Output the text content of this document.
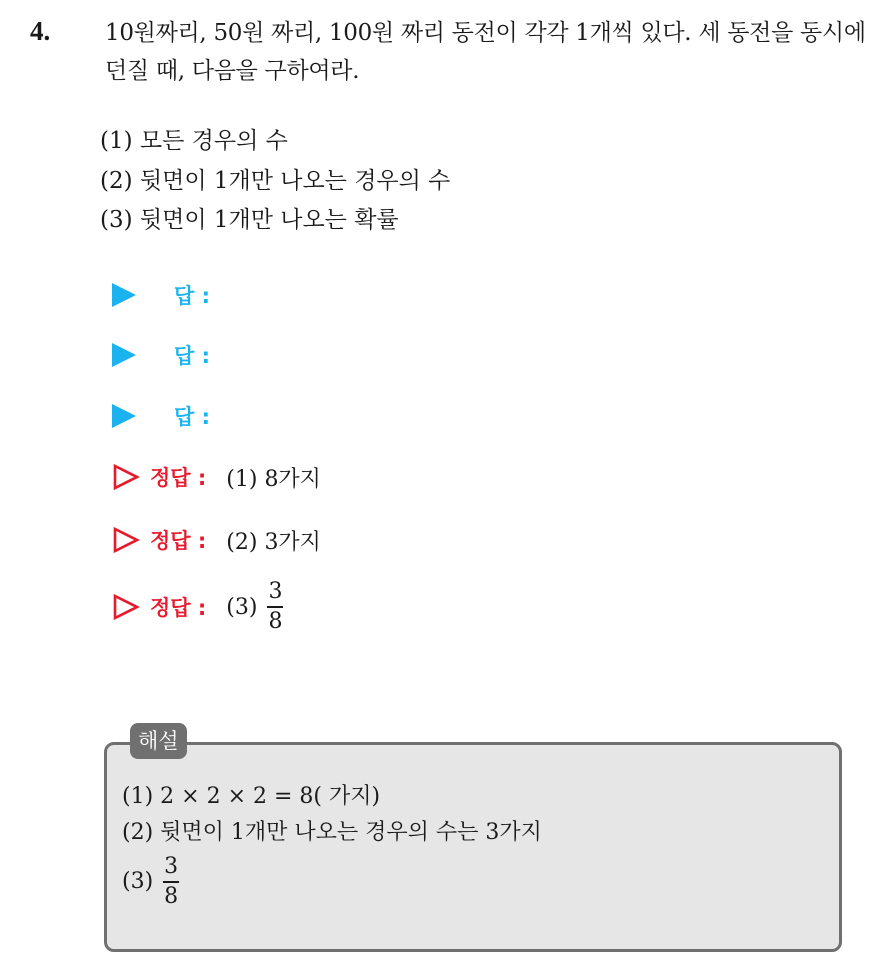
4. 10원짜리, 50원 짜리, 100원 짜리 동전이 각각 1개씩 있다. 세 동전을 동시에 던질 때, 다음을 구하여라.
(1) 모든 경우의 수
(2) 뒷면이 1개만 나오는 경우의 수
(3) 뒷면이 1개만 나오는 확률
답 :
답 :
답 :
정답 : (1) 8가지
정답 : (2) 3가지
정답 : $(3) \frac{3}{8}$
해설
(1) 2 × 2 × 2 = 8( 가지)
(2) 뒷면이 1개만 나오는 경우의 수는 3가지
$(3) \frac{3}{8}$
